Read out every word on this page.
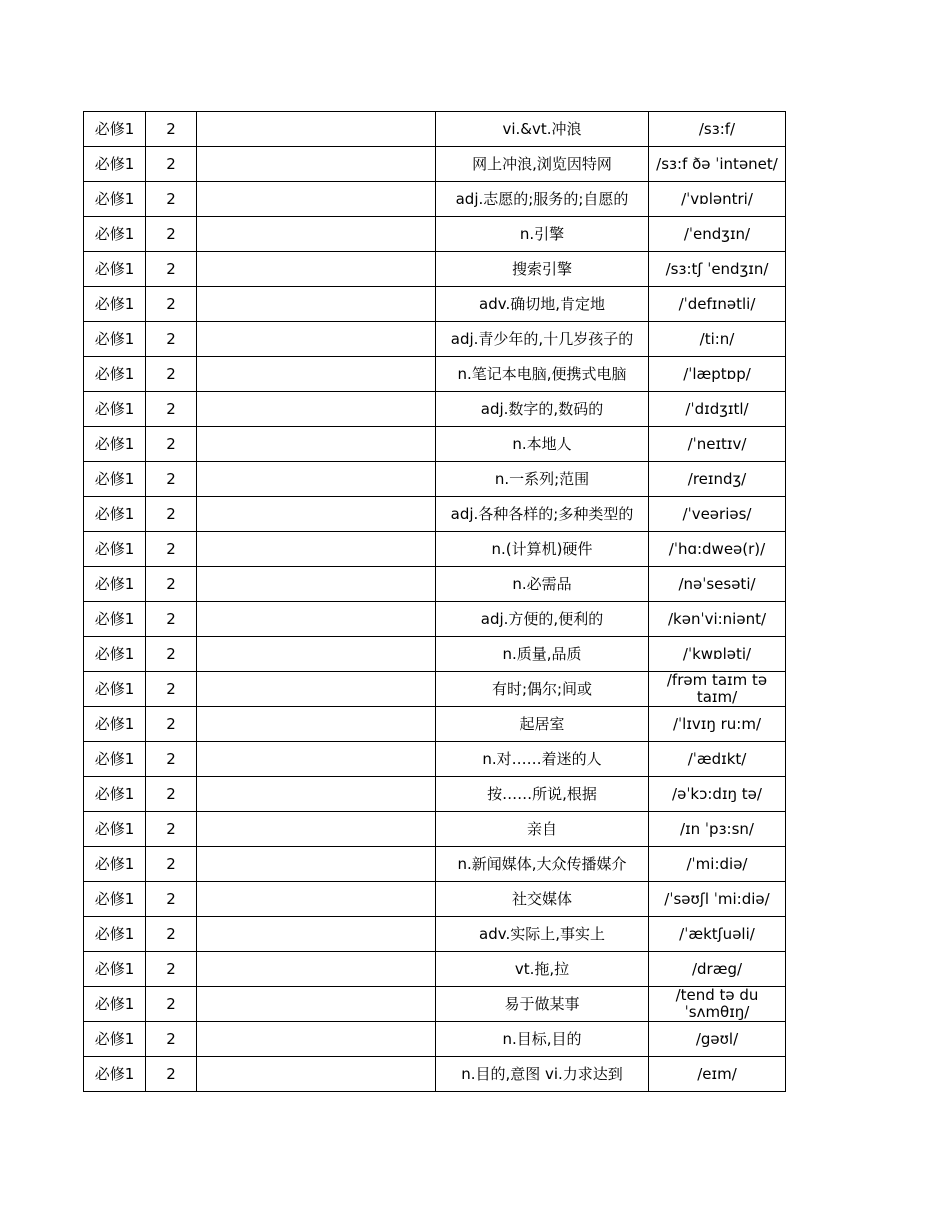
必修1	2		vi.&vt.冲浪	/sɜ:f/
必修1	2		网上冲浪,浏览因特网	/sɜ:f ðə ˈintənet/
必修1	2		adj.志愿的;服务的;自愿的	/ˈvɒləntri/
必修1	2		n.引擎	/ˈendʒɪn/
必修1	2		搜索引擎	/sɜ:tʃ ˈendʒɪn/
必修1	2		adv.确切地,肯定地	/ˈdefɪnətli/
必修1	2		adj.青少年的,十几岁孩子的	/ti:n/
必修1	2		n.笔记本电脑,便携式电脑	/ˈlæptɒp/
必修1	2		adj.数字的,数码的	/ˈdɪdʒɪtl/
必修1	2		n.本地人	/ˈneɪtɪv/
必修1	2		n.一系列;范围	/reɪndʒ/
必修1	2		adj.各种各样的;多种类型的	/ˈveəriəs/
必修1	2		n.(计算机)硬件	/ˈhɑ:dweə(r)/
必修1	2		n.必需品	/nəˈsesəti/
必修1	2		adj.方便的,便利的	/kənˈvi:niənt/
必修1	2		n.质量,品质	/ˈkwɒləti/
必修1	2		有时;偶尔;间或	/frəm taɪm tə taɪm/
必修1	2		起居室	/ˈlɪvɪŋ ru:m/
必修1	2		n.对……着迷的人	/ˈædɪkt/
必修1	2		按……所说,根据	/əˈkɔ:dɪŋ tə/
必修1	2		亲自	/ɪn ˈpɜ:sn/
必修1	2		n.新闻媒体,大众传播媒介	/ˈmi:diə/
必修1	2		社交媒体	/ˈsəʊʃl ˈmi:diə/
必修1	2		adv.实际上,事实上	/ˈæktʃuəli/
必修1	2		vt.拖,拉	/dræg/
必修1	2		易于做某事	/tend tə du ˈsʌmθɪŋ/
必修1	2		n.目标,目的	/gəʊl/
必修1	2		n.目的,意图 vi.力求达到	/eɪm/
